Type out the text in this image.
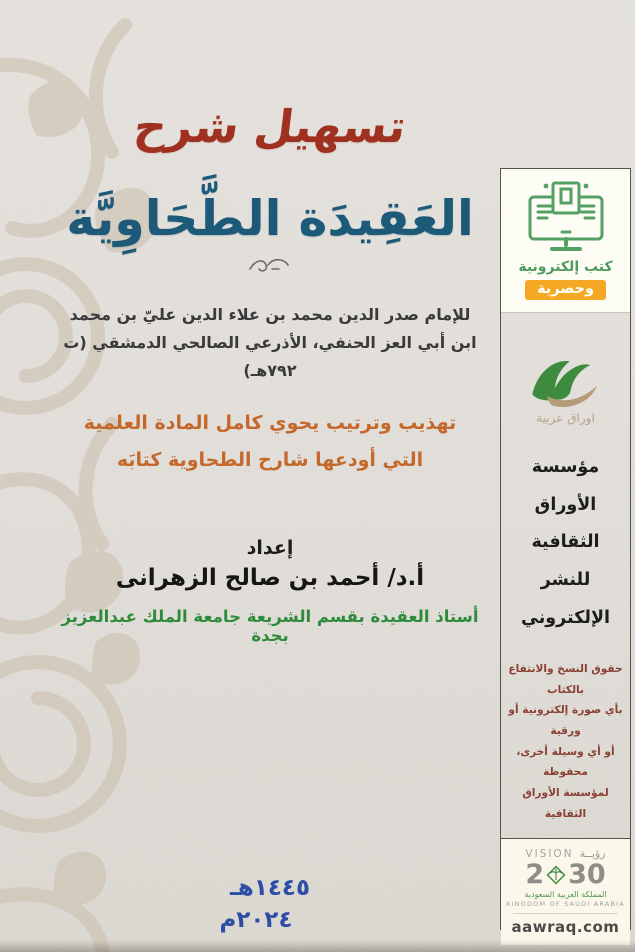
تسهيل شرح
العَقِيدَة الطَّحَاوِيَّة
للإمام صدر الدين محمد بن علاء الدين عليّ بن محمد
ابن أبي العز الحنفي، الأذرعي الصالحي الدمشقي (ت ٧٩٢هـ)
تهذيب وترتيب يحوي كامل المادة العلمية
التي أودعها شارح الطحاوية كتابَه
إعداد
أ.د/ أحمد بن صالح الزهرانى
أستاذ العقيدة بقسم الشريعة جامعة الملك عبدالعزيز بجدة
١٤٤٥هـ
٢٠٢٤م
كتب إلكترونية
وحصرية
اوراق عربية
مؤسسة
الأوراق
الثقافية
للنشر
الإلكتروني
حقوق النسخ والانتفاع بالكتاب
بأي صورة إلكترونية أو ورقية
أو أي وسيلة أخرى، محفوظة
لمؤسسة الأوراق الثقافية
VISION رؤيــة
2 30
المملكة العربية السعودية
KINGDOM OF SAUDI ARABIA
aawraq.com
